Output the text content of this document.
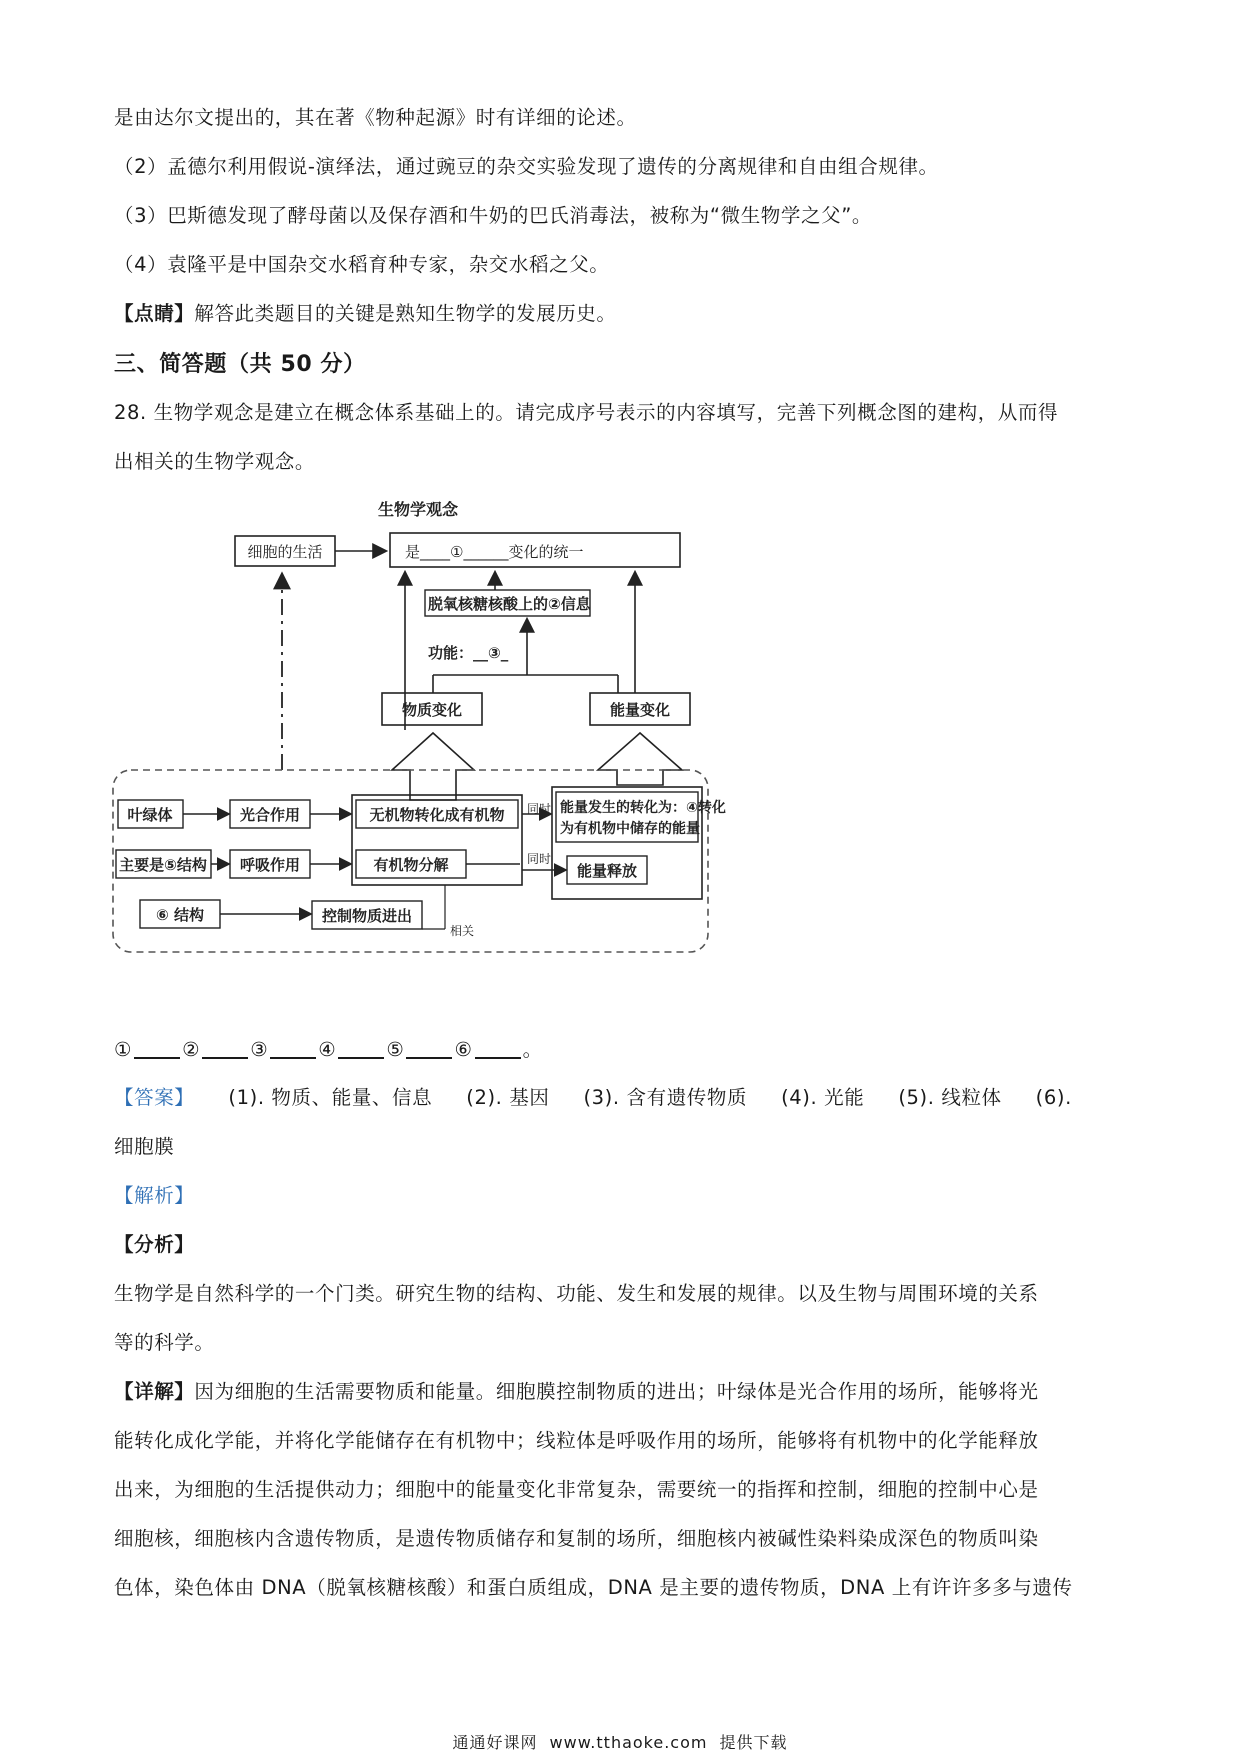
是由达尔文提出的，其在著《物种起源》时有详细的论述。
（2）孟德尔利用假说-演绎法，通过豌豆的杂交实验发现了遗传的分离规律和自由组合规律。
（3）巴斯德发现了酵母菌以及保存酒和牛奶的巴氏消毒法，被称为“微生物学之父”。
（4）袁隆平是中国杂交水稻育种专家，杂交水稻之父。
【点睛】解答此类题目的关键是熟知生物学的发展历史。
三、简答题（共 50 分）
28. 生物学观念是建立在概念体系基础上的。请完成序号表示的内容填写，完善下列概念图的建构，从而得
出相关的生物学观念。
生物学观念
细胞的生活	是____①______变化的统一
脱氧核糖核酸上的②信息
功能：__③_
物质变化	能量变化
叶绿体	光合作用	无机物转化成有机物 同时 能量发生的转化为：④转化
为有机物中储存的能量
主要是⑤结构 呼吸作用	有机物分解	同时
能量释放
⑥ 结构	控制物质进出
相关
①	②	③	④	⑤	⑥	。
【答案】 (1). 物质、能量、信息 (2). 基因 (3). 含有遗传物质 (4). 光能 (5). 线粒体 (6).
细胞膜
【解析】
【分析】
生物学是自然科学的一个门类。研究生物的结构、功能、发生和发展的规律。以及生物与周围环境的关系
等的科学。
【详解】因为细胞的生活需要物质和能量。细胞膜控制物质的进出；叶绿体是光合作用的场所，能够将光
能转化成化学能，并将化学能储存在有机物中；线粒体是呼吸作用的场所，能够将有机物中的化学能释放
出来，为细胞的生活提供动力；细胞中的能量变化非常复杂，需要统一的指挥和控制，细胞的控制中心是
细胞核，细胞核内含遗传物质，是遗传物质储存和复制的场所，细胞核内被碱性染料染成深色的物质叫染
色体，染色体由 DNA（脱氧核糖核酸）和蛋白质组成，DNA 是主要的遗传物质，DNA 上有许许多多与遗传
通通好课网 www.tthaoke.com 提供下载
